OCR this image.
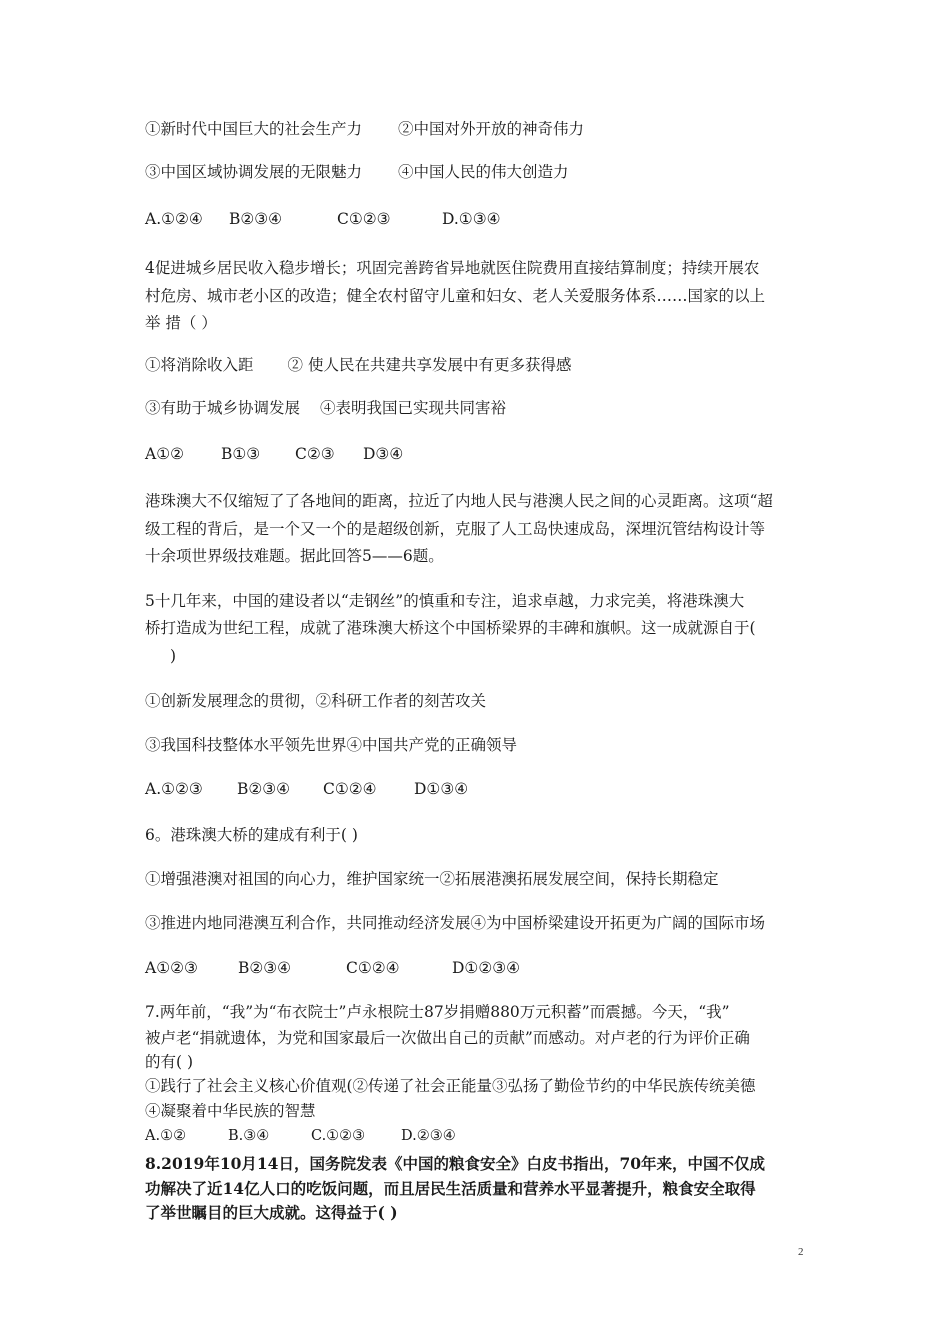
①新时代中国巨大的社会生产力 ②中国对外开放的神奇伟力
③中国区域协调发展的无限魅力 ④中国人民的伟大创造力
A.①②④ B②③④	C①②③	D.①③④
4促进城乡居民收入稳步增长；巩固完善跨省异地就医住院费用直接结算制度；持续开展农
村危房、城市老小区的改造；健全农村留守儿童和妇女、老人关爱服务体系……国家的以上
举 措（ ）
①将消除收入距 ② 使人民在共建共享发展中有更多获得感
③有助于城乡协调发展 ④表明我国已实现共同害裕
A①② B①③ C②③ D③④
港珠澳大不仅缩短了了各地间的距离，拉近了内地人民与港澳人民之间的心灵距离。这项“超
级工程的背后，是一个又一个的是超级创新，克服了人工岛快速成岛，深埋沉管结构设计等
十余项世界级技难题。据此回答5——6题。
5十几年来，中国的建设者以“走钢丝”的慎重和专注，追求卓越，力求完美，将港珠澳大
桥打造成为世纪工程，成就了港珠澳大桥这个中国桥梁界的丰碑和旗帜。这一成就源自于(
)
①创新发展理念的贯彻，②科研工作者的刻苦攻关
③我国科技整体水平领先世界④中国共产党的正确领导
A.①②③ B②③④ C①②④ D①③④
6。港珠澳大桥的建成有利于( )
①增强港澳对祖国的向心力，维护国家统一②拓展港澳拓展发展空间，保持长期稳定
③推进内地同港澳互利合作，共同推动经济发展④为中国桥梁建设开拓更为广阔的国际市场
A①②③	B②③④	C①②④	D①②③④
7.两年前，“我”为“布衣院士”卢永根院士87岁捐赠880万元积蓄”而震撼。今天，“我”
被卢老“捐就遗体，为党和国家最后一次做出自己的贡献”而感动。对卢老的行为评价正确
的有( )
①践行了社会主义核心价值观(②传递了社会正能量③弘扬了勤俭节约的中华民族传统美德
④凝聚着中华民族的智慧
A.①②	B.③④	C.①②③ D.②③④
8.2019年10月14日，国务院发表《中国的粮食安全》白皮书指出，70年来，中国不仅成
功解决了近14亿人口的吃饭问题，而且居民生活质量和营养水平显著提升，粮食安全取得
了举世瞩目的巨大成就。这得益于( )
2
